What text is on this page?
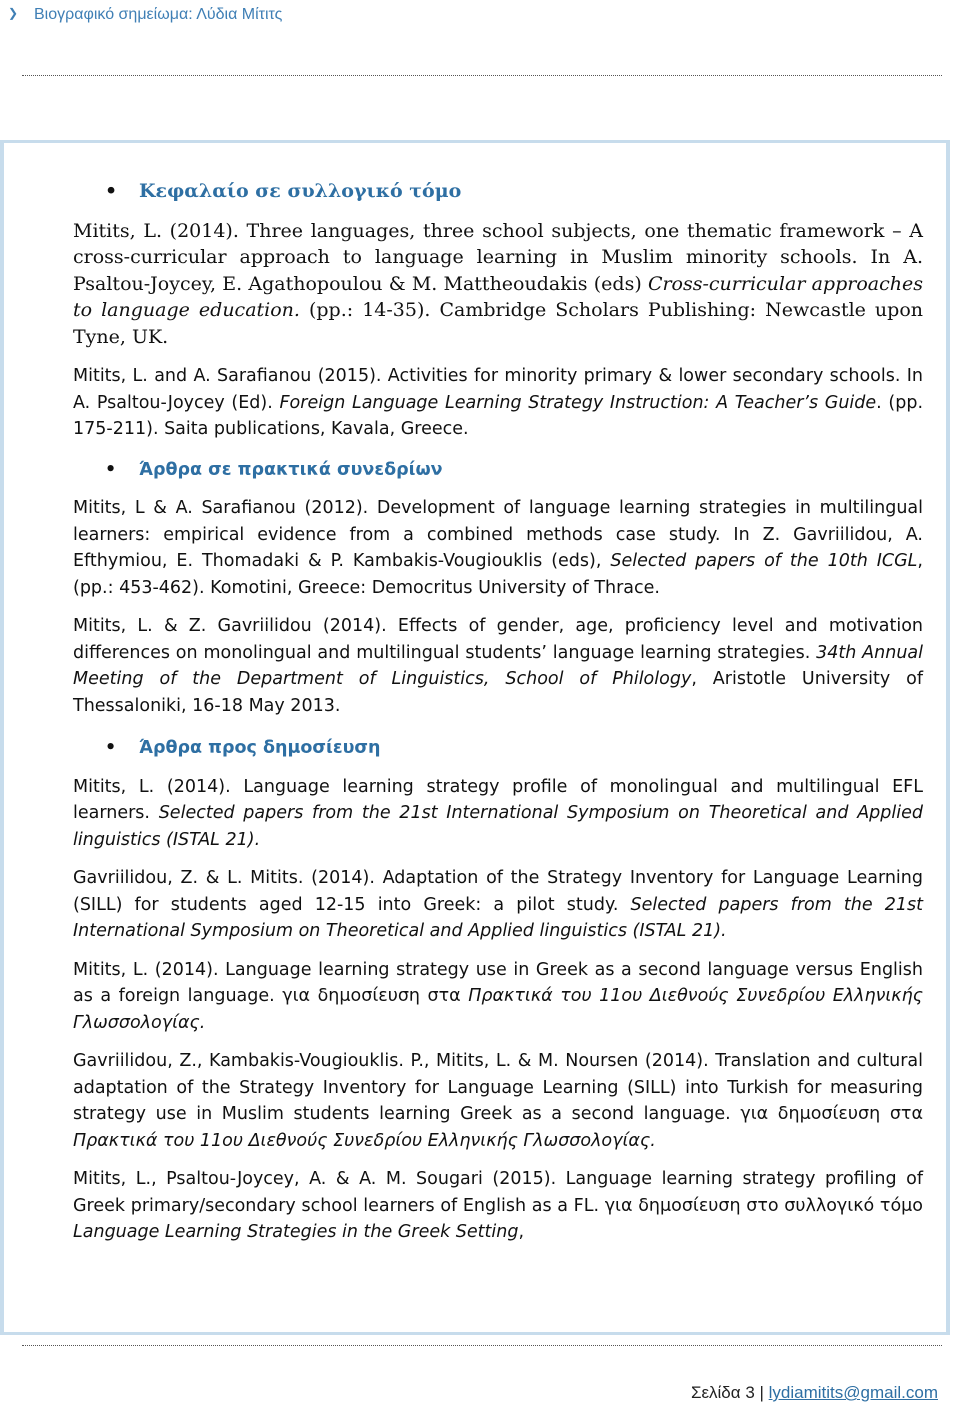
❯ Βιογραφικό σημείωμα: Λύδια Μίτιτς
• Κεφαλαίο σε συλλογικό τόμο

Mitits, L. (2014). Three languages, three school subjects, one thematic framework – A cross-curricular approach to language learning in Muslim minority schools. In A. Psaltou-Joycey, E. Agathopoulou & M. Mattheoudakis (eds) Cross-curricular approaches to language education. (pp.: 14-35). Cambridge Scholars Publishing: Newcastle upon Tyne, UK.

Mitits, L. and A. Sarafianou (2015). Activities for minority primary & lower secondary schools. In A. Psaltou-Joycey (Ed). Foreign Language Learning Strategy Instruction: A Teacher’s Guide. (pp. 175-211). Saita publications, Kavala, Greece.

• Άρθρα σε πρακτικά συνεδρίων

Mitits, L & A. Sarafianou (2012). Development of language learning strategies in multilingual learners: empirical evidence from a combined methods case study. In Z. Gavriilidou, A. Efthymiou, E. Thomadaki & P. Kambakis-Vougiouklis (eds), Selected papers of the 10th ICGL, (pp.: 453-462). Komotini, Greece: Democritus University of Thrace.

Mitits, L. & Z. Gavriilidou (2014). Effects of gender, age, proficiency level and motivation differences on monolingual and multilingual students’ language learning strategies. 34th Annual Meeting of the Department of Linguistics, School of Philology, Aristotle University of Thessaloniki, 16-18 May 2013.

• Άρθρα προς δημοσίευση

Mitits, L. (2014). Language learning strategy profile of monolingual and multilingual EFL learners. Selected papers from the 21st International Symposium on Theoretical and Applied linguistics (ISTAL 21).

Gavriilidou, Z. & L. Mitits. (2014). Adaptation of the Strategy Inventory for Language Learning (SILL) for students aged 12-15 into Greek: a pilot study. Selected papers from the 21st International Symposium on Theoretical and Applied linguistics (ISTAL 21).

Mitits, L. (2014). Language learning strategy use in Greek as a second language versus English as a foreign language. για δημοσίευση στα Πρακτικά του 11ου Διεθνούς Συνεδρίου Ελληνικής Γλωσσολογίας.

Gavriilidou, Z., Kambakis-Vougiouklis. P., Mitits, L. & M. Noursen (2014). Translation and cultural adaptation of the Strategy Inventory for Language Learning (SILL) into Turkish for measuring strategy use in Muslim students learning Greek as a second language. για δημοσίευση στα Πρακτικά του 11ου Διεθνούς Συνεδρίου Ελληνικής Γλωσσολογίας.

Mitits, L., Psaltou-Joycey, A. & A. M. Sougari (2015). Language learning strategy profiling of Greek primary/secondary school learners of English as a FL. για δημοσίευση στο συλλογικό τόμο Language Learning Strategies in the Greek Setting,

Σελίδα 3 | lydiamitits@gmail.com
